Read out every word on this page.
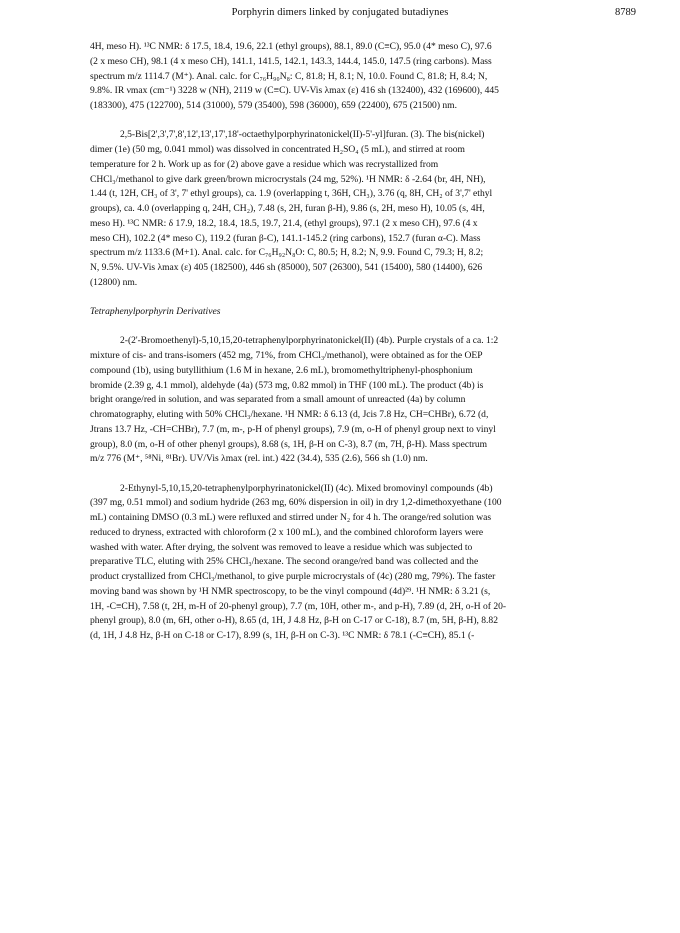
Porphyrin dimers linked by conjugated butadiynes	8789

4H, meso H). ¹³C NMR: δ 17.5, 18.4, 19.6, 22.1 (ethyl groups), 88.1, 89.0 (C≡C), 95.0 (4* meso C), 97.6
(2 x meso CH), 98.1 (4 x meso CH), 141.1, 141.5, 142.1, 143.3, 144.4, 145.0, 147.5 (ring carbons). Mass
spectrum m/z 1114.7 (M⁺). Anal. calc. for C₇₆H₉₀N₈: C, 81.8; H, 8.1; N, 10.0. Found C, 81.8; H, 8.4; N,
9.8%. IR νmax (cm⁻¹) 3228 w (NH), 2119 w (C≡C). UV-Vis λmax (ε) 416 sh (132400), 432 (169600), 445
(183300), 475 (122700), 514 (31000), 579 (35400), 598 (36000), 659 (22400), 675 (21500) nm.

2,5-Bis[2',3',7',8',12',13',17',18'-octaethylporphyrinatonickel(II)-5'-yl]furan. (3). The bis(nickel)
dimer (1e) (50 mg, 0.041 mmol) was dissolved in concentrated H₂SO₄ (5 mL), and stirred at room
temperature for 2 h. Work up as for (2) above gave a residue which was recrystallized from
CHCl₃/methanol to give dark green/brown microcrystals (24 mg, 52%). ¹H NMR: δ -2.64 (br, 4H, NH),
1.44 (t, 12H, CH₃ of 3', 7' ethyl groups), ca. 1.9 (overlapping t, 36H, CH₃), 3.76 (q, 8H, CH₂ of 3',7' ethyl
groups), ca. 4.0 (overlapping q, 24H, CH₂), 7.48 (s, 2H, furan β-H), 9.86 (s, 2H, meso H), 10.05 (s, 4H,
meso H). ¹³C NMR: δ 17.9, 18.2, 18.4, 18.5, 19.7, 21.4, (ethyl groups), 97.1 (2 x meso CH), 97.6 (4 x
meso CH), 102.2 (4* meso C), 119.2 (furan β-C), 141.1-145.2 (ring carbons), 152.7 (furan α-C). Mass
spectrum m/z 1133.6 (M+1). Anal. calc. for C₇₆H₉₂N₈O: C, 80.5; H, 8.2; N, 9.9. Found C, 79.3; H, 8.2;
N, 9.5%. UV-Vis λmax (ε) 405 (182500), 446 sh (85000), 507 (26300), 541 (15400), 580 (14400), 626
(12800) nm.

Tetraphenylporphyrin Derivatives

2-(2'-Bromoethenyl)-5,10,15,20-tetraphenylporphyrinatonickel(II) (4b). Purple crystals of a ca. 1:2
mixture of cis- and trans-isomers (452 mg, 71%, from CHCl₃/methanol), were obtained as for the OEP
compound (1b), using butyllithium (1.6 M in hexane, 2.6 mL), bromomethyltriphenyl-phosphonium
bromide (2.39 g, 4.1 mmol), aldehyde (4a) (573 mg, 0.82 mmol) in THF (100 mL). The product (4b) is
bright orange/red in solution, and was separated from a small amount of unreacted (4a) by column
chromatography, eluting with 50% CHCl₃/hexane. ¹H NMR: δ 6.13 (d, Jcis 7.8 Hz, CH=CHBr), 6.72 (d,
Jtrans 13.7 Hz, -CH=CHBr), 7.7 (m, m-, p-H of phenyl groups), 7.9 (m, o-H of phenyl group next to vinyl
group), 8.0 (m, o-H of other phenyl groups), 8.68 (s, 1H, β-H on C-3), 8.7 (m, 7H, β-H). Mass spectrum
m/z 776 (M⁺, ⁵⁸Ni, ⁸¹Br). UV/Vis λmax (rel. int.) 422 (34.4), 535 (2.6), 566 sh (1.0) nm.

2-Ethynyl-5,10,15,20-tetraphenylporphyrinatonickel(II) (4c). Mixed bromovinyl compounds (4b)
(397 mg, 0.51 mmol) and sodium hydride (263 mg, 60% dispersion in oil) in dry 1,2-dimethoxyethane (100
mL) containing DMSO (0.3 mL) were refluxed and stirred under N₂ for 4 h. The orange/red solution was
reduced to dryness, extracted with chloroform (2 x 100 mL), and the combined chloroform layers were
washed with water. After drying, the solvent was removed to leave a residue which was subjected to
preparative TLC, eluting with 25% CHCl₃/hexane. The second orange/red band was collected and the
product crystallized from CHCl₃/methanol, to give purple microcrystals of (4c) (280 mg, 79%). The faster
moving band was shown by ¹H NMR spectroscopy, to be the vinyl compound (4d)²⁹. ¹H NMR: δ 3.21 (s,
1H, -C≡CH), 7.58 (t, 2H, m-H of 20-phenyl group), 7.7 (m, 10H, other m-, and p-H), 7.89 (d, 2H, o-H of 20-
phenyl group), 8.0 (m, 6H, other o-H), 8.65 (d, 1H, J 4.8 Hz, β-H on C-17 or C-18), 8.7 (m, 5H, β-H), 8.82
(d, 1H, J 4.8 Hz, β-H on C-18 or C-17), 8.99 (s, 1H, β-H on C-3). ¹³C NMR: δ 78.1 (-C≡CH), 85.1 (-
